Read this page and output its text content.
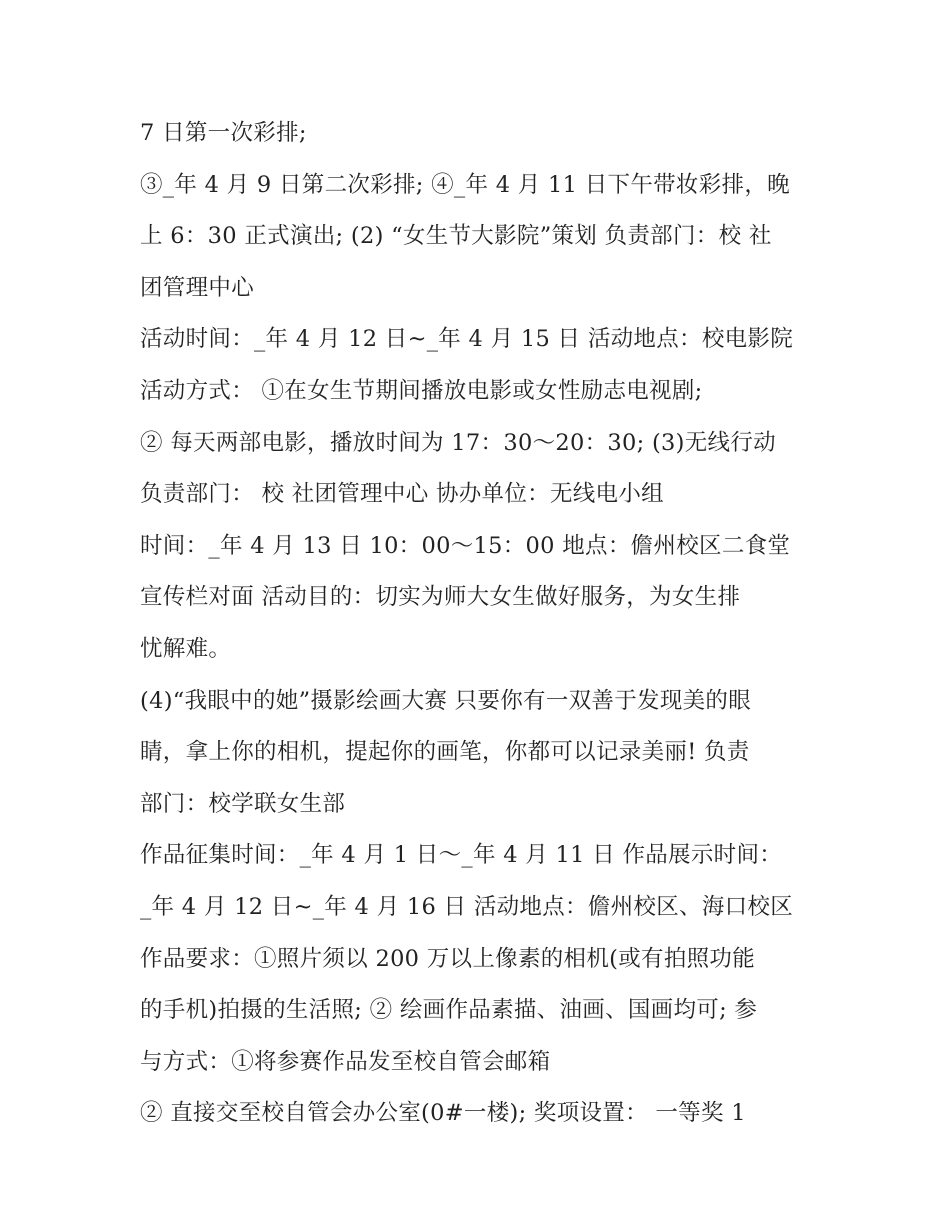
7 日第一次彩排;
③_年 4 月 9 日第二次彩排; ④_年 4 月 11 日下午带妆彩排，晚
上 6：30 正式演出; (2) “女生节大影院”策划 负责部门：校 社
团管理中心
活动时间：_年 4 月 12 日~_年 4 月 15 日 活动地点：校电影院
活动方式： ①在女生节期间播放电影或女性励志电视剧;
② 每天两部电影，播放时间为 17：30～20：30; (3)无线行动
负责部门： 校 社团管理中心 协办单位：无线电小组
时间：_年 4 月 13 日 10：00～15：00 地点：儋州校区二食堂
宣传栏对面 活动目的：切实为师大女生做好服务，为女生排
忧解难。
(4)“我眼中的她”摄影绘画大赛 只要你有一双善于发现美的眼
睛，拿上你的相机，提起你的画笔，你都可以记录美丽! 负责
部门：校学联女生部
作品征集时间：_年 4 月 1 日～_年 4 月 11 日 作品展示时间：
_年 4 月 12 日~_年 4 月 16 日 活动地点：儋州校区、海口校区
作品要求：①照片须以 200 万以上像素的相机(或有拍照功能
的手机)拍摄的生活照; ② 绘画作品素描、油画、国画均可; 参
与方式：①将参赛作品发至校自管会邮箱
② 直接交至校自管会办公室(0#一楼); 奖项设置： 一等奖 1
